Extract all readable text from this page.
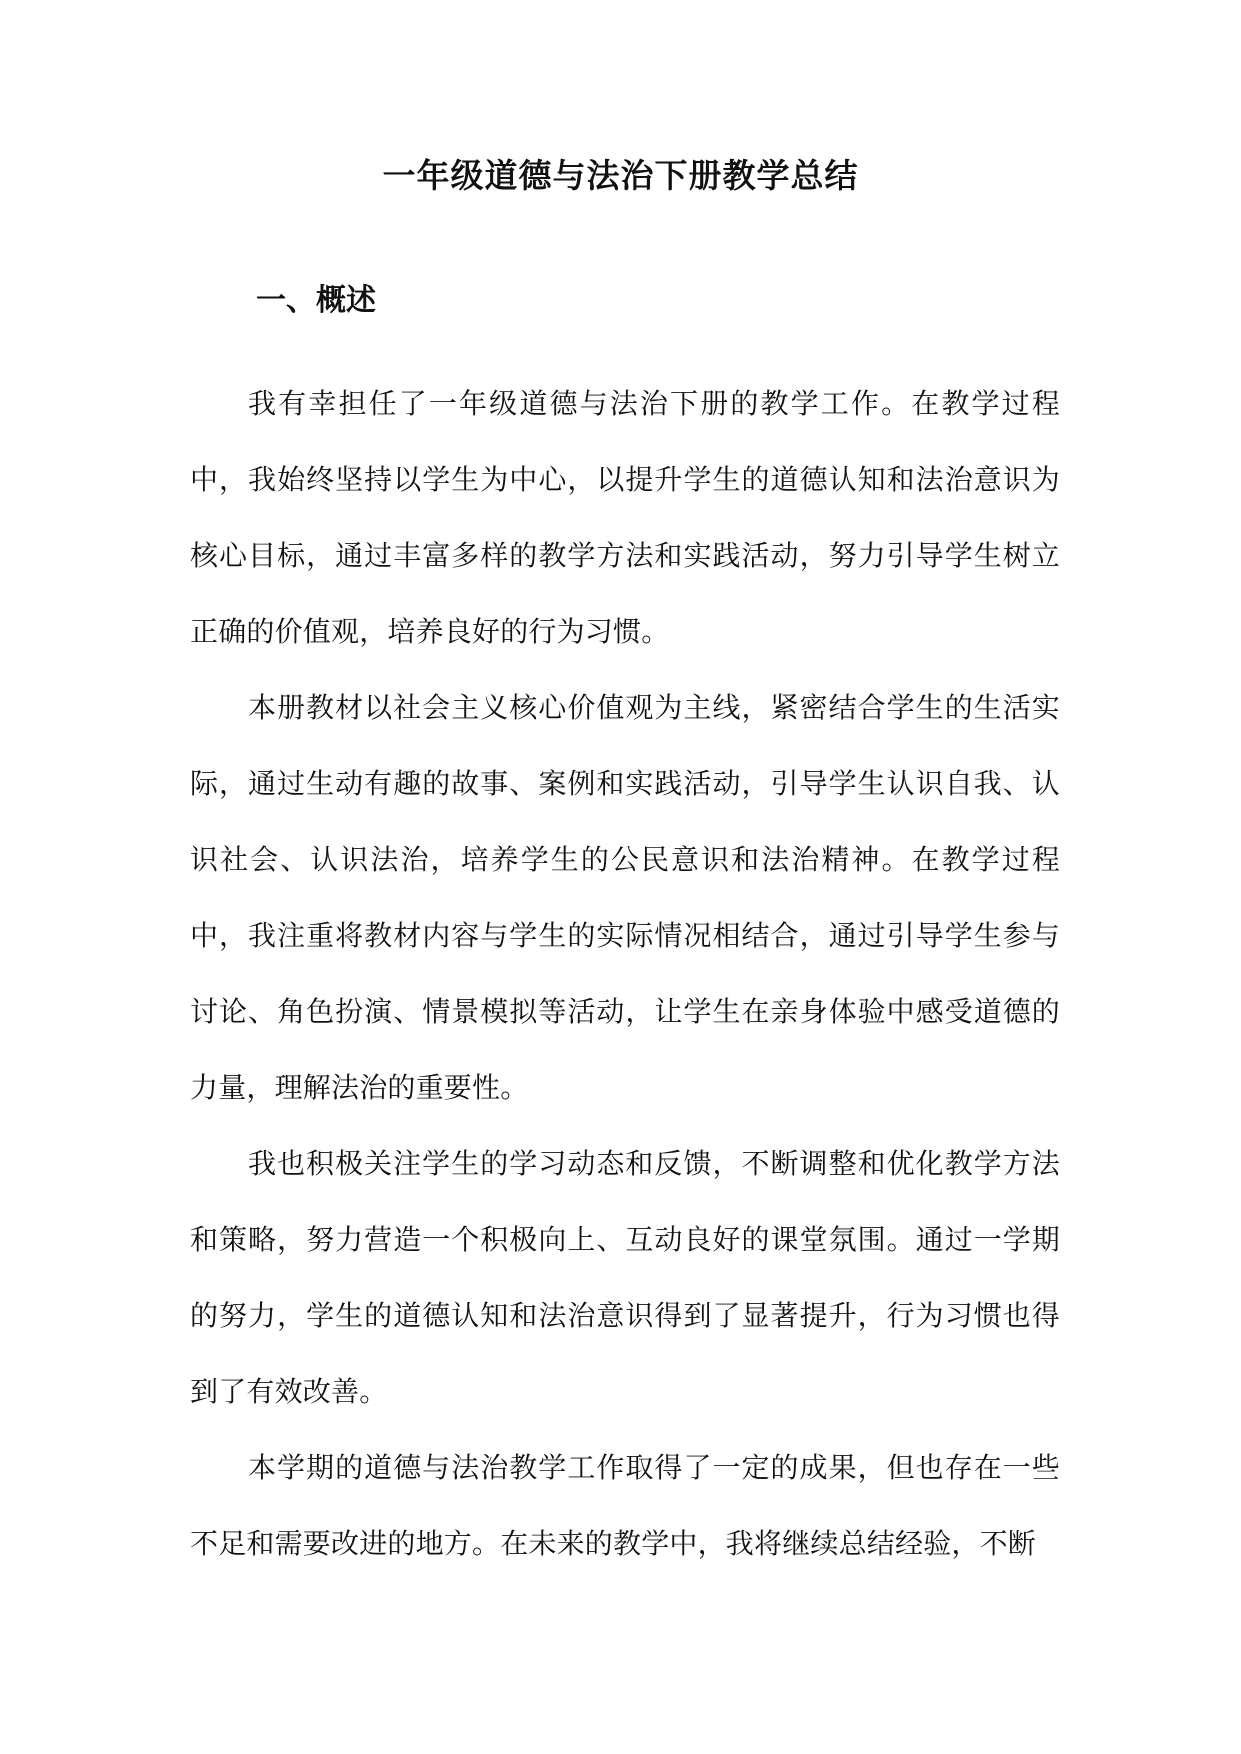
一年级道德与法治下册教学总结
一、概述

我有幸担任了一年级道德与法治下册的教学工作。在教学过程中，我始终坚持以学生为中心，以提升学生的道德认知和法治意识为核心目标，通过丰富多样的教学方法和实践活动，努力引导学生树立正确的价值观，培养良好的行为习惯。

本册教材以社会主义核心价值观为主线，紧密结合学生的生活实际，通过生动有趣的故事、案例和实践活动，引导学生认识自我、认识社会、认识法治，培养学生的公民意识和法治精神。在教学过程中，我注重将教材内容与学生的实际情况相结合，通过引导学生参与讨论、角色扮演、情景模拟等活动，让学生在亲身体验中感受道德的力量，理解法治的重要性。

我也积极关注学生的学习动态和反馈，不断调整和优化教学方法和策略，努力营造一个积极向上、互动良好的课堂氛围。通过一学期的努力，学生的道德认知和法治意识得到了显著提升，行为习惯也得到了有效改善。

本学期的道德与法治教学工作取得了一定的成果，但也存在一些不足和需要改进的地方。在未来的教学中，我将继续总结经验，不断
